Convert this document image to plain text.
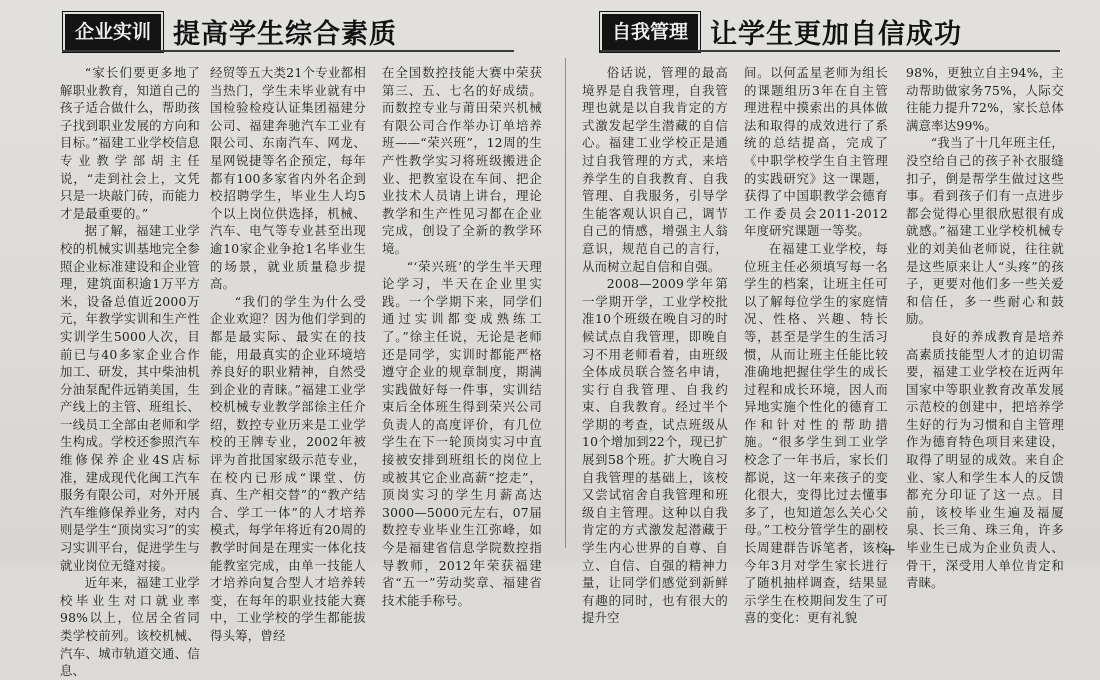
企业实训 提高学生综合素质

“家长们要更多地了解职业教育，知道自己的孩子适合做什么，帮助孩子找到职业发展的方向和目标。”福建工业学校信息专业教学部胡主任说，“走到社会上，文凭只是一块敲门砖，而能力才是最重要的。”

据了解，福建工业学校的机械实训基地完全参照企业标准建设和企业管理，建筑面积逾1万平方米，设备总值近2000万元，年教学实训和生产性实训学生5000人次，目前已与40多家企业合作加工、研发，其中柴油机分油泵配件远销美国，生产线上的主管、班组长、一线员工全部由老师和学生构成。学校还参照汽车维修保养企业4S店标准，建成现代化闽工汽车服务有限公司，对外开展汽车维修保养业务，对内则是学生“顶岗实习”的实习实训平台，促进学生与就业岗位无缝对接。

近年来，福建工业学校毕业生对口就业率98%以上，位居全省同类学校前列。该校机械、汽车、城市轨道交通、信息、

经贸等五大类21个专业都相当热门，学生未毕业就有中国检验检疫认证集团福建分公司、福建奔驰汽车工业有限公司、东南汽车、网龙、星网锐捷等名企预定，每年都有100多家省内外名企到校招聘学生，毕业生人均5个以上岗位供选择，机械、汽车、电气等专业甚至出现逾10家企业争抢1名毕业生的场景，就业质量稳步提高。

“我们的学生为什么受企业欢迎？因为他们学到的都是最实际、最实在的技能，用最真实的企业环境培养良好的职业精神，自然受到企业的青睐。”福建工业学校机械专业教学部徐主任介绍，数控专业历来是工业学校的王牌专业，2002年被评为首批国家级示范专业，在校内已形成“课堂、仿真、生产相交替”的“教产结合、学工一体”的人才培养模式，每学年将近有20周的教学时间是在理实一体化技能教室完成，由单一技能人才培养向复合型人才培养转变，在每年的职业技能大赛中，工业学校的学生都能拔得头筹，曾经

在全国数控技能大赛中荣获第三、五、七名的好成绩。而数控专业与莆田荣兴机械有限公司合作举办订单培养班——“荣兴班”，12周的生产性教学实习将班级搬进企业、把教室设在车间、把企业技术人员请上讲台，理论教学和生产性见习都在企业完成，创设了全新的教学环境。

“‘荣兴班’的学生半天理论学习，半天在企业里实践。一个学期下来，同学们通过实训都变成熟练工了。”徐主任说，无论是老师还是同学，实训时都能严格遵守企业的规章制度，期满实践做好每一件事，实训结束后全体班生得到荣兴公司负责人的高度评价，有几位学生在下一轮顶岗实习中直接被安排到班组长的岗位上或被其它企业高薪“挖走”，顶岗实习的学生月薪高达3000—5000元左右，07届数控专业毕业生江弥峰，如今是福建省信息学院数控指导教师，2012年荣获福建省“五一”劳动奖章、福建省技术能手称号。

自我管理 让学生更加自信成功

俗话说，管理的最高境界是自我管理，自我管理也就是以自我肯定的方式激发起学生潜藏的自信心。福建工业学校正是通过自我管理的方式，来培养学生的自我教育、自我管理、自我服务，引导学生能客观认识自己，调节自己的情感，增强主人翁意识，规范自己的言行，从而树立起自信和自强。

2008—2009学年第一学期开学，工业学校批准10个班级在晚自习的时候试点自我管理，即晚自习不用老师看着，由班级全体成员联合签名申请，实行自我管理、自我约束、自我教育。经过半个学期的考查，试点班级从10个增加到22个，现已扩展到58个班。扩大晚自习自我管理的基础上，该校又尝试宿舍自我管理和班级自主管理。这种以自我肯定的方式激发起潜藏于学生内心世界的自尊、自立、自信、自强的精神力量，让同学们感觉到新鲜有趣的同时，也有很大的提升空

间。以何孟星老师为组长的课题组历3年在自主管理进程中摸索出的具体做法和取得的成效进行了系统的总结提高，完成了《中职学校学生自主管理的实践研究》这一课题，获得了中国职教学会德育工作委员会2011-2012年度研究课题一等奖。

在福建工业学校，每位班主任必须填写每一名学生的档案，让班主任可以了解每位学生的家庭情况、性格、兴趣、特长等，甚至是学生的生活习惯，从而让班主任能比较准确地把握住学生的成长过程和成长环境，因人而异地实施个性化的德育工作和针对性的帮助措施。“很多学生到工业学校念了一年书后，家长们都说，这一年来孩子的变化很大，变得比过去懂事多了，也知道怎么关心父母。”工校分管学生的副校长周建群告诉笔者，该校今年3月对学生家长进行了随机抽样调查，结果显示学生在校期间发生了可喜的变化：更有礼貌

98%，更独立自主94%，主动帮助做家务75%，人际交往能力提升72%，家长总体满意率达99%。

“我当了十几年班主任，没空给自己的孩子补衣服缝扣子，倒是帮学生做过这些事。看到孩子们有一点进步都会觉得心里很欣慰很有成就感。”福建工业学校机械专业的刘美仙老师说，往往就是这些原来让人“头疼”的孩子，更要对他们多一些关爱和信任，多一些耐心和鼓励。

良好的养成教育是培养高素质技能型人才的迫切需要，福建工业学校在近两年国家中等职业教育改革发展示范校的创建中，把培养学生好的行为习惯和自主管理作为德育特色项目来建设，取得了明显的成效。来自企业、家人和学生本人的反馈都充分印证了这一点。目前，该校毕业生遍及福厦泉、长三角、珠三角，许多毕业生已成为企业负责人、骨干，深受用人单位肯定和青睐。

+
